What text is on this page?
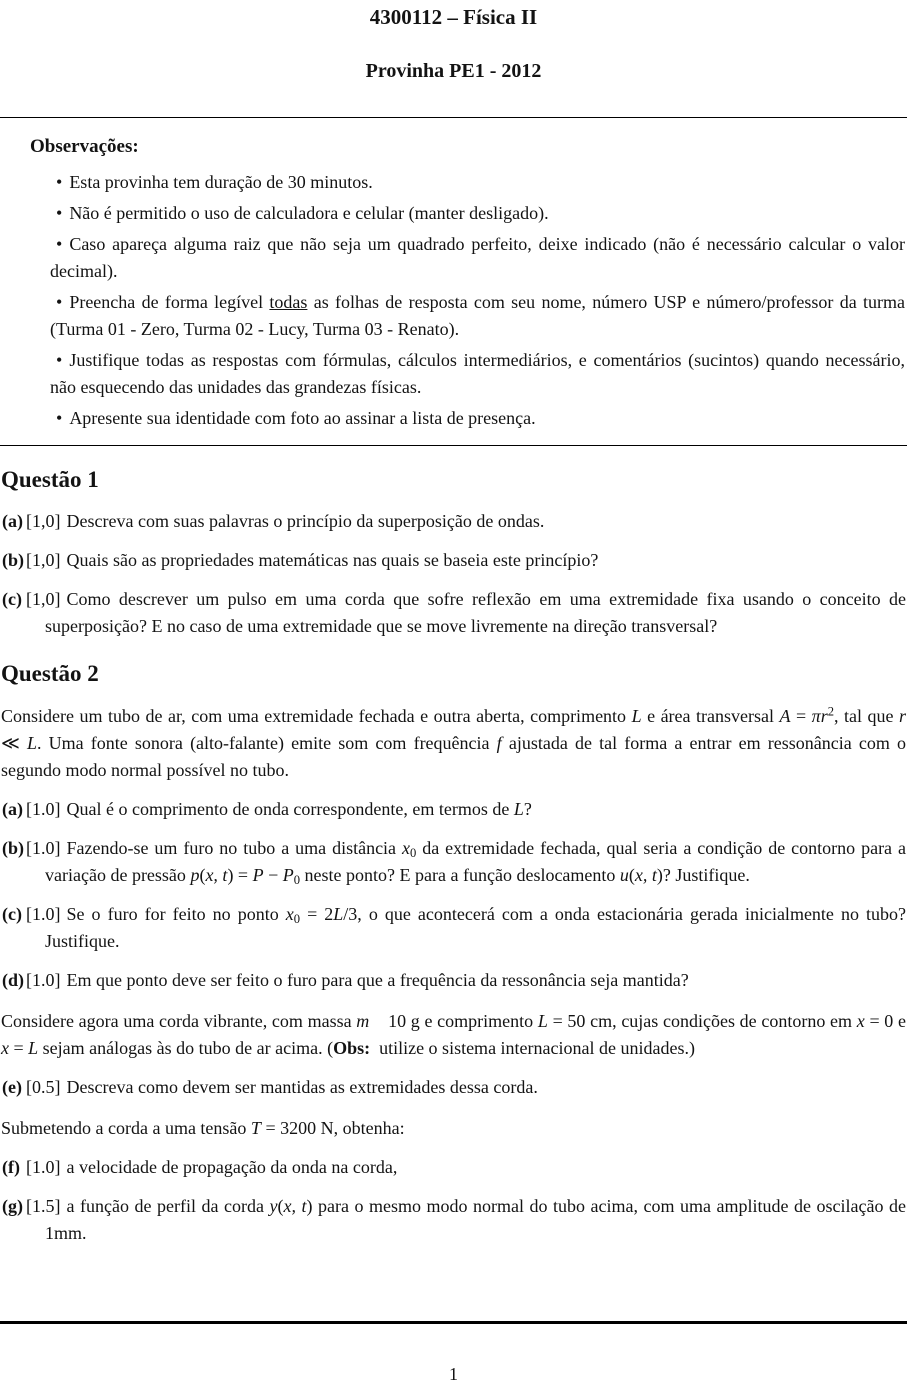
4300112 – Física II
Provinha PE1 - 2012
Observações:
• Esta provinha tem duração de 30 minutos.
• Não é permitido o uso de calculadora e celular (manter desligado).
• Caso apareça alguma raiz que não seja um quadrado perfeito, deixe indicado (não é necessário calcular o valor decimal).
• Preencha de forma legível todas as folhas de resposta com seu nome, número USP e número/professor da turma (Turma 01 - Zero, Turma 02 - Lucy, Turma 03 - Renato).
• Justifique todas as respostas com fórmulas, cálculos intermediários, e comentários (sucintos) quando necessário, não esquecendo das unidades das grandezas físicas.
• Apresente sua identidade com foto ao assinar a lista de presença.
Questão 1
(a) [1,0] Descreva com suas palavras o princípio da superposição de ondas.
(b) [1,0] Quais são as propriedades matemáticas nas quais se baseia este princípio?
(c) [1,0] Como descrever um pulso em uma corda que sofre reflexão em uma extremidade fixa usando o conceito de superposição? E no caso de uma extremidade que se move livremente na direção transversal?
Questão 2
Considere um tubo de ar, com uma extremidade fechada e outra aberta, comprimento L e área transversal $A = \pi r^2$, tal que r ≪ L. Uma fonte sonora (alto-falante) emite som com frequência f ajustada de tal forma a entrar em ressonância com o segundo modo normal possível no tubo.
(a) [1.0] Qual é o comprimento de onda correspondente, em termos de L?
(b) [1.0] Fazendo-se um furo no tubo a uma distância x0 da extremidade fechada, qual seria a condição de contorno para a variação de pressão p(x, t) = P − P0 neste ponto? E para a função deslocamento u(x, t)? Justifique.
(c) [1.0] Se o furo for feito no ponto x0 = 2L/3, o que acontecerá com a onda estacionária gerada inicialmente no tubo? Justifique.
(d) [1.0] Em que ponto deve ser feito o furo para que a frequência da ressonância seja mantida?
Considere agora uma corda vibrante, com massa m    10 g e comprimento L = 50 cm, cujas condições de contorno em x = 0 e x = L sejam análogas às do tubo de ar acima. (Obs:  utilize o sistema internacional de unidades.)
(e) [0.5] Descreva como devem ser mantidas as extremidades dessa corda.
Submetendo a corda a uma tensão T = 3200 N, obtenha:
(f) [1.0] a velocidade de propagação da onda na corda,
(g) [1.5] a função de perfil da corda y(x, t) para o mesmo modo normal do tubo acima, com uma amplitude de oscilação de 1mm.
1
